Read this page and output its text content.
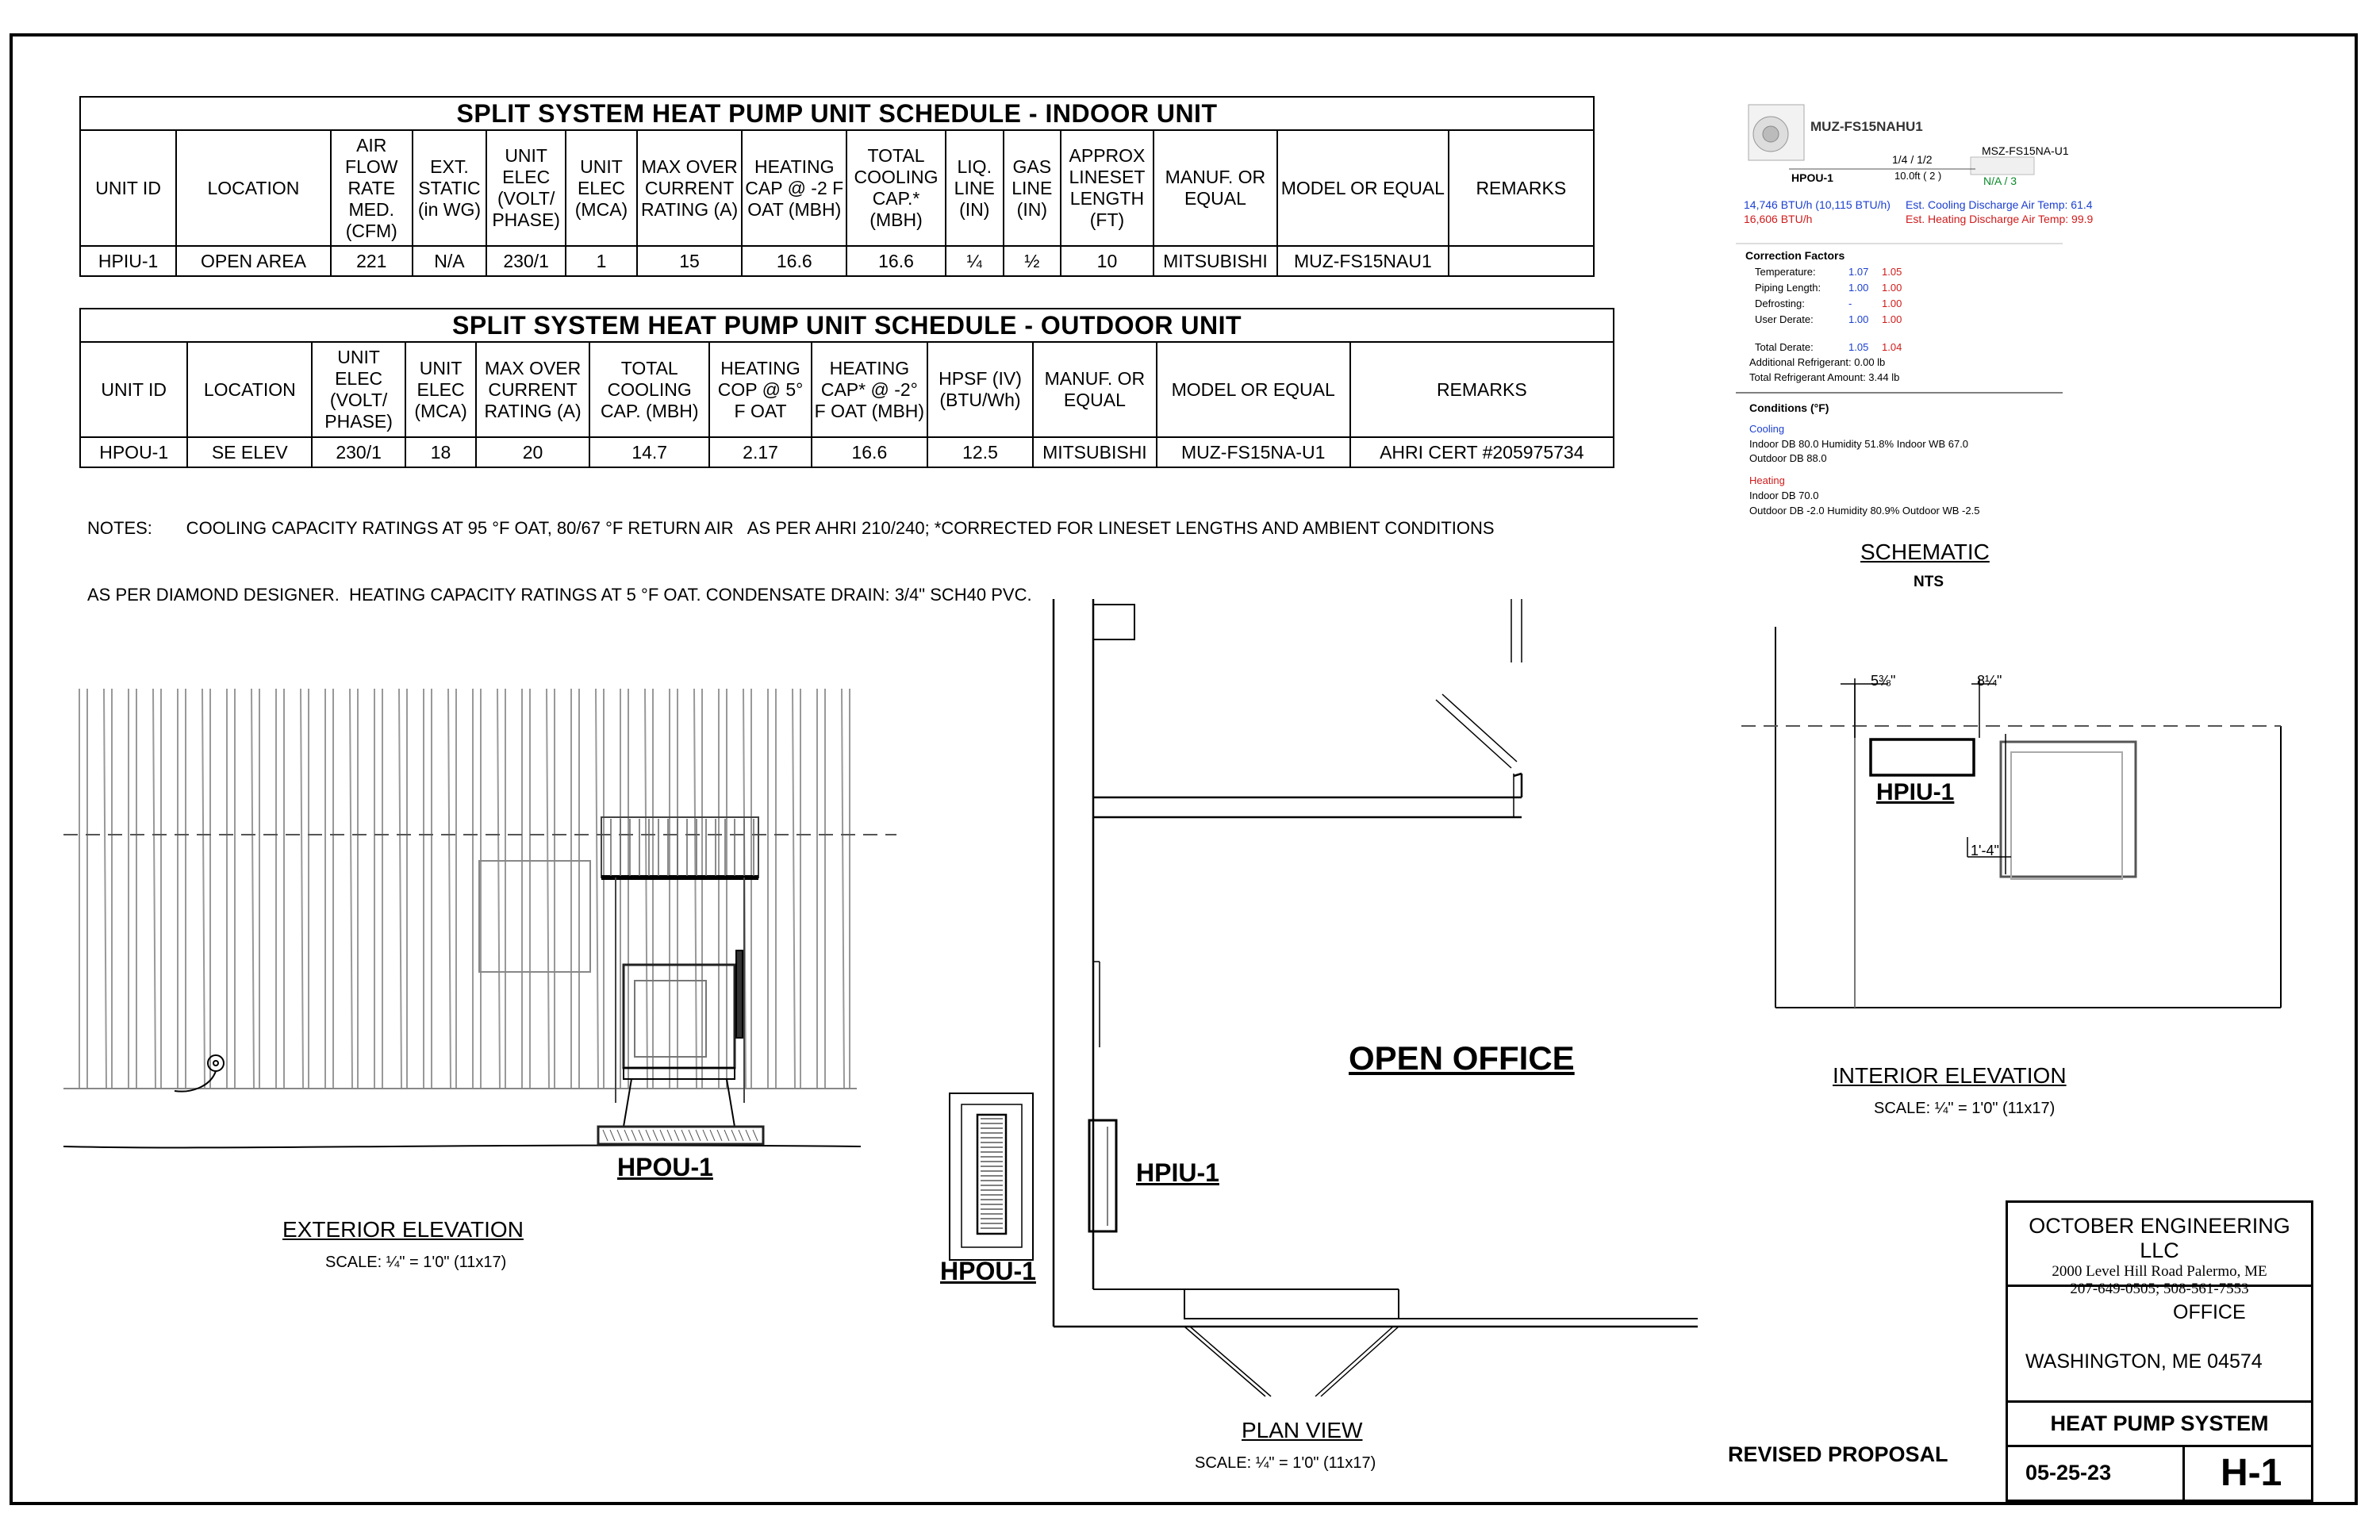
SPLIT SYSTEM HEAT PUMP UNIT SCHEDULE - INDOOR UNIT														
UNIT ID	LOCATION	AIR FLOW RATE MED. (CFM)	EXT. STATIC (in WG)	UNIT ELEC (VOLT/ PHASE)	UNIT ELEC (MCA)	MAX OVER CURRENT RATING (A)	HEATING CAP @ -2 F OAT (MBH)	TOTAL COOLING CAP.* (MBH)	LIQ. LINE (IN)	GAS LINE (IN)	APPROX LINESET LENGTH (FT)	MANUF. OR EQUAL	MODEL OR EQUAL	REMARKS
HPIU-1	OPEN AREA	221	N/A	230/1	1	15	16.6	16.6	¼	½	10	MITSUBISHI	MUZ-FS15NAU1	
SPLIT SYSTEM HEAT PUMP UNIT SCHEDULE - OUTDOOR UNIT											
UNIT ID	LOCATION	UNIT ELEC (VOLT/ PHASE)	UNIT ELEC (MCA)	MAX OVER CURRENT RATING (A)	TOTAL COOLING CAP. (MBH)	HEATING COP @ 5° F OAT	HEATING CAP* @ -2° F OAT (MBH)	HPSF (IV) (BTU/Wh)	MANUF. OR EQUAL	MODEL OR EQUAL	REMARKS
HPOU-1	SE ELEV	230/1	18	20	14.7	2.17	16.6	12.5	MITSUBISHI	MUZ-FS15NA-U1	AHRI CERT #205975734

NOTES:       COOLING CAPACITY RATINGS AT 95 °F OAT, 80/67 °F RETURN AIR   AS PER AHRI 210/240; *CORRECTED FOR LINESET LENGTHS AND AMBIENT CONDITIONS

AS PER DIAMOND DESIGNER.  HEATING CAPACITY RATINGS AT 5 °F OAT. CONDENSATE DRAIN: 3/4" SCH40 PVC.

MUZ-FS15NAHU1
MSZ-FS15NA-U1
HPOU-1
1/4 / 1/2
10.0ft ( 2 )	N/A / 3
14,746 BTU/h (10,115 BTU/h)
16,606 BTU/h
Est. Cooling Discharge Air Temp: 61.4
Est. Heating Discharge Air Temp: 99.9
Correction Factors
Temperature:	1.07 1.05
Piping Length:	1.00 1.00
Defrosting:	-	1.00
User Derate:	1.00 1.00
Total Derate:	1.05 1.04
Additional Refrigerant: 0.00 lb
Total Refrigerant Amount: 3.44 lb
Conditions (°F)
Cooling
Indoor DB 80.0 Humidity 51.8% Indoor WB 67.0
Outdoor DB 88.0
Heating
Indoor DB 70.0
Outdoor DB -2.0 Humidity 80.9% Outdoor WB -2.5
SCHEMATIC
NTS
HPOU-1
EXTERIOR ELEVATION
SCALE: ¼" = 1'0" (11x17)
OPEN OFFICE
HPIU-1
HPOU-1
PLAN VIEW
SCALE: ¼" = 1'0" (11x17)
HPIU-1
INTERIOR ELEVATION
SCALE: ¼" = 1'0" (11x17)
5⅜"	8¼"
1'-4"
REVISED PROPOSAL
OCTOBER ENGINEERING LLC
2000 Level Hill Road Palermo, ME
207-649-0505; 508-561-7553
OFFICE
WASHINGTON, ME 04574
HEAT PUMP SYSTEM
05-25-23	H-1
